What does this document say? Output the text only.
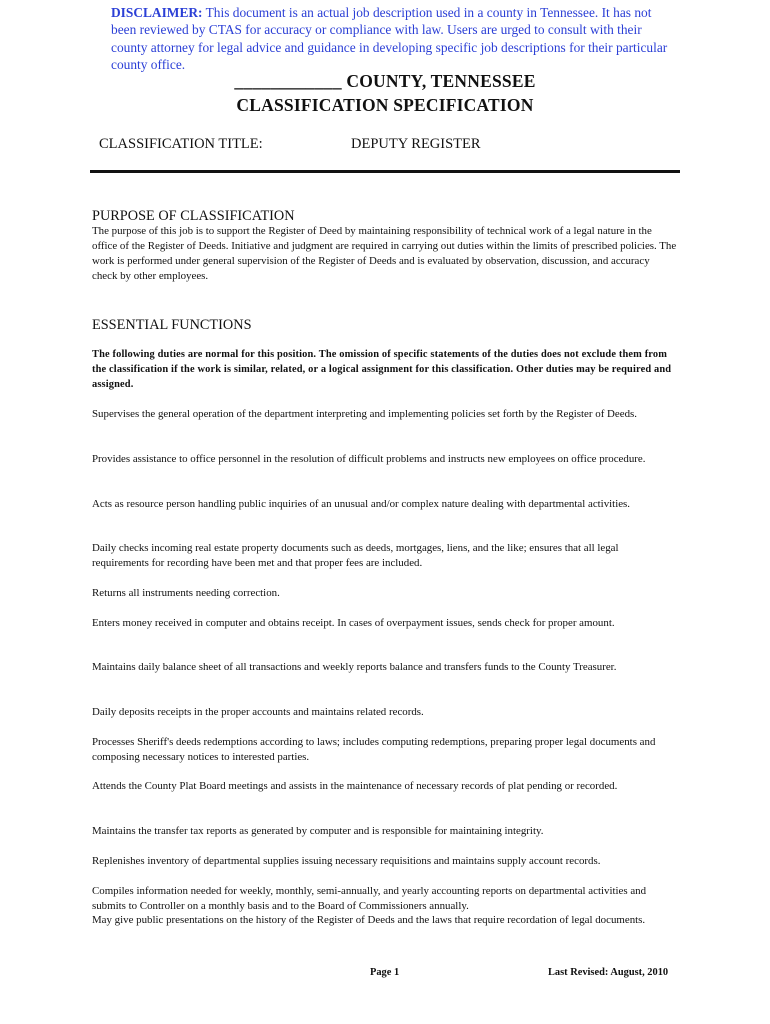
DISCLAIMER: This document is an actual job description used in a county in Tennessee. It has not been reviewed by CTAS for accuracy or compliance with law. Users are urged to consult with their county attorney for legal advice and guidance in developing specific job descriptions for their particular county office.
____________ COUNTY, TENNESSEE
CLASSIFICATION SPECIFICATION
CLASSIFICATION TITLE:	DEPUTY REGISTER
PURPOSE OF CLASSIFICATION

The purpose of this job is to support the Register of Deed by maintaining responsibility of technical work of a legal nature in the office of the Register of Deeds. Initiative and judgment are required in carrying out duties within the limits of prescribed policies. The work is performed under general supervision of the Register of Deeds and is evaluated by observation, discussion, and accuracy check by other employees.

ESSENTIAL FUNCTIONS

The following duties are normal for this position. The omission of specific statements of the duties does not exclude them from the classification if the work is similar, related, or a logical assignment for this classification. Other duties may be required and assigned.

Supervises the general operation of the department interpreting and implementing policies set forth by the Register of Deeds.

Provides assistance to office personnel in the resolution of difficult problems and instructs new employees on office procedure.

Acts as resource person handling public inquiries of an unusual and/or complex nature dealing with departmental activities.

Daily checks incoming real estate property documents such as deeds, mortgages, liens, and the like; ensures that all legal requirements for recording have been met and that proper fees are included.

Returns all instruments needing correction.

Enters money received in computer and obtains receipt. In cases of overpayment issues, sends check for proper amount.

Maintains daily balance sheet of all transactions and weekly reports balance and transfers funds to the County Treasurer.

Daily deposits receipts in the proper accounts and maintains related records.

Processes Sheriff's deeds redemptions according to laws; includes computing redemptions, preparing proper legal documents and composing necessary notices to interested parties.

Attends the County Plat Board meetings and assists in the maintenance of necessary records of plat pending or recorded.

Maintains the transfer tax reports as generated by computer and is responsible for maintaining integrity.

Replenishes inventory of departmental supplies issuing necessary requisitions and maintains supply account records.

Compiles information needed for weekly, monthly, semi-annually, and yearly accounting reports on departmental activities and submits to Controller on a monthly basis and to the Board of Commissioners annually.

May give public presentations on the history of the Register of Deeds and the laws that require recordation of legal documents.

Page 1	Last Revised: August, 2010
